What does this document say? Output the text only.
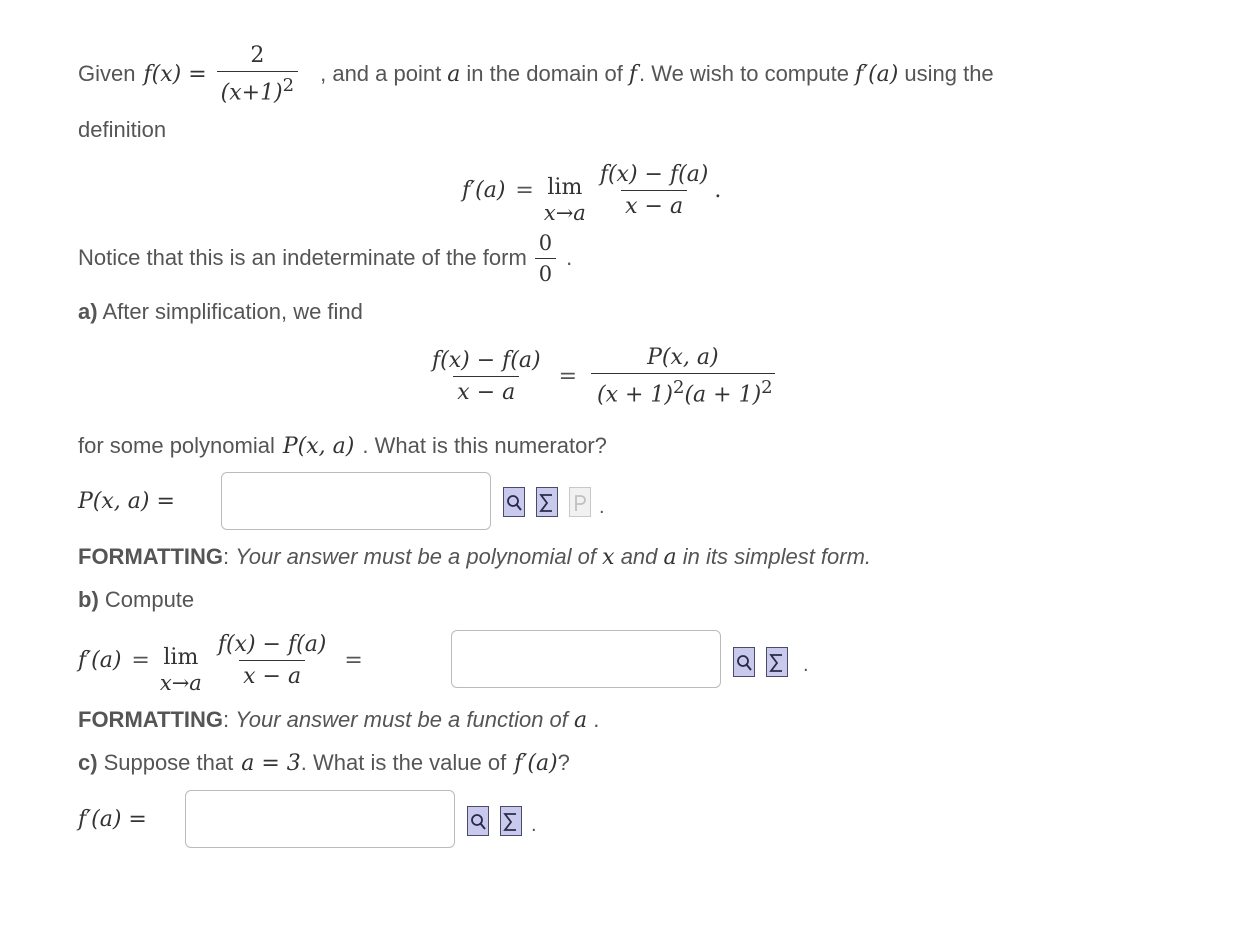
Given $f(x) = \frac{2}{(x+1)^2}$ , and a point a in the domain of f . We wish to compute f′(a) using the
definition
f′(a) = lim
$x\to a \frac{f(x) - f(a)}{x - a}$ .
Notice that this is an indeterminate of the form $\frac{0}{0}$ .
a) After simplification, we find
$\frac{f(x) - f(a)}{x - a} = \frac{P(x, a)}{(x + 1)^2(a + 1)^2}$
for some polynomial P(x, a) . What is this numerator?
P(x, a) =	.
FORMATTING: Your answer must be a polynomial of x and a in its simplest form.
b) Compute
f′(a) = lim
$x\to a \frac{f(x) - f(a)}{x - a}$ =	.
FORMATTING: Your answer must be a function of a .
c) Suppose that a = 3 . What is the value of f′(a) ?
f′(a) =	.
